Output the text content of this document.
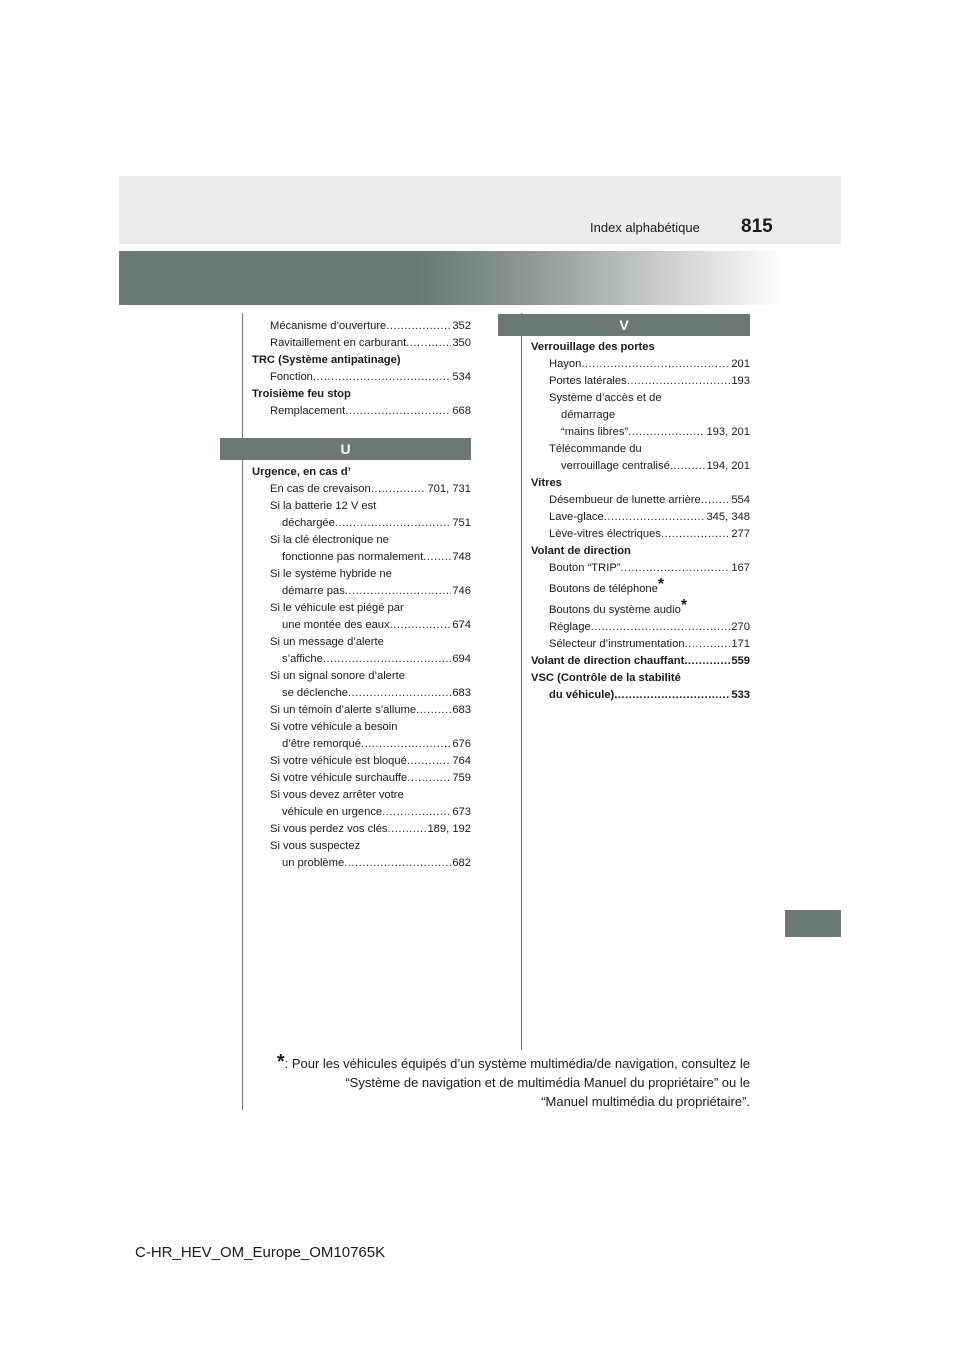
815
Index alphabétique
Mécanisme d’ouverture .....	352
Ravitaillement en carburant .....	350
TRC (Système antipatinage)
Fonction .....	534
Troisième feu stop
Remplacement .....	668
U
Urgence, en cas d’
En cas de crevaison .....	701, 731
Si la batterie 12 V est
déchargée .....	751
Si la clé électronique ne
fonctionne pas normalement .....	748
Si le système hybride ne
démarre pas .....	746
Si le véhicule est piégé par
une montée des eaux .....	674
Si un message d’alerte
s’affiche .....	694
Si un signal sonore d’alerte
se déclenche .....	683
Si un témoin d’alerte s’allume .....	683
Si votre véhicule a besoin
d’être remorqué .....	676
Si votre véhicule est bloqué .....	764
Si votre véhicule surchauffe .....	759
Si vous devez arrêter votre
véhicule en urgence .....	673
Si vous perdez vos clés .....	189, 192
Si vous suspectez
un problème .....	682
V
Verrouillage des portes
Hayon .....	201
Portes latérales .....	193
Système d’accès et de
démarrage
“mains libres” .....	193, 201
Télécommande du
verrouillage centralisé .....	194, 201
Vitres
Désembueur de lunette arrière .....	554
Lave-glace .....	345, 348
Lève-vitres électriques .....	277
Volant de direction
Bouton “TRIP” .....	167
Boutons de téléphone*
Boutons du système audio*
Réglage .....	270
Sélecteur d’instrumentation .....	171
Volant de direction chauffant .....	559
VSC (Contrôle de la stabilité
du véhicule) .....	533
*: Pour les véhicules équipés d’un système multimédia/de navigation, consultez le
“Système de navigation et de multimédia Manuel du propriétaire” ou le
“Manuel multimédia du propriétaire”.
C-HR_HEV_OM_Europe_OM10765K
